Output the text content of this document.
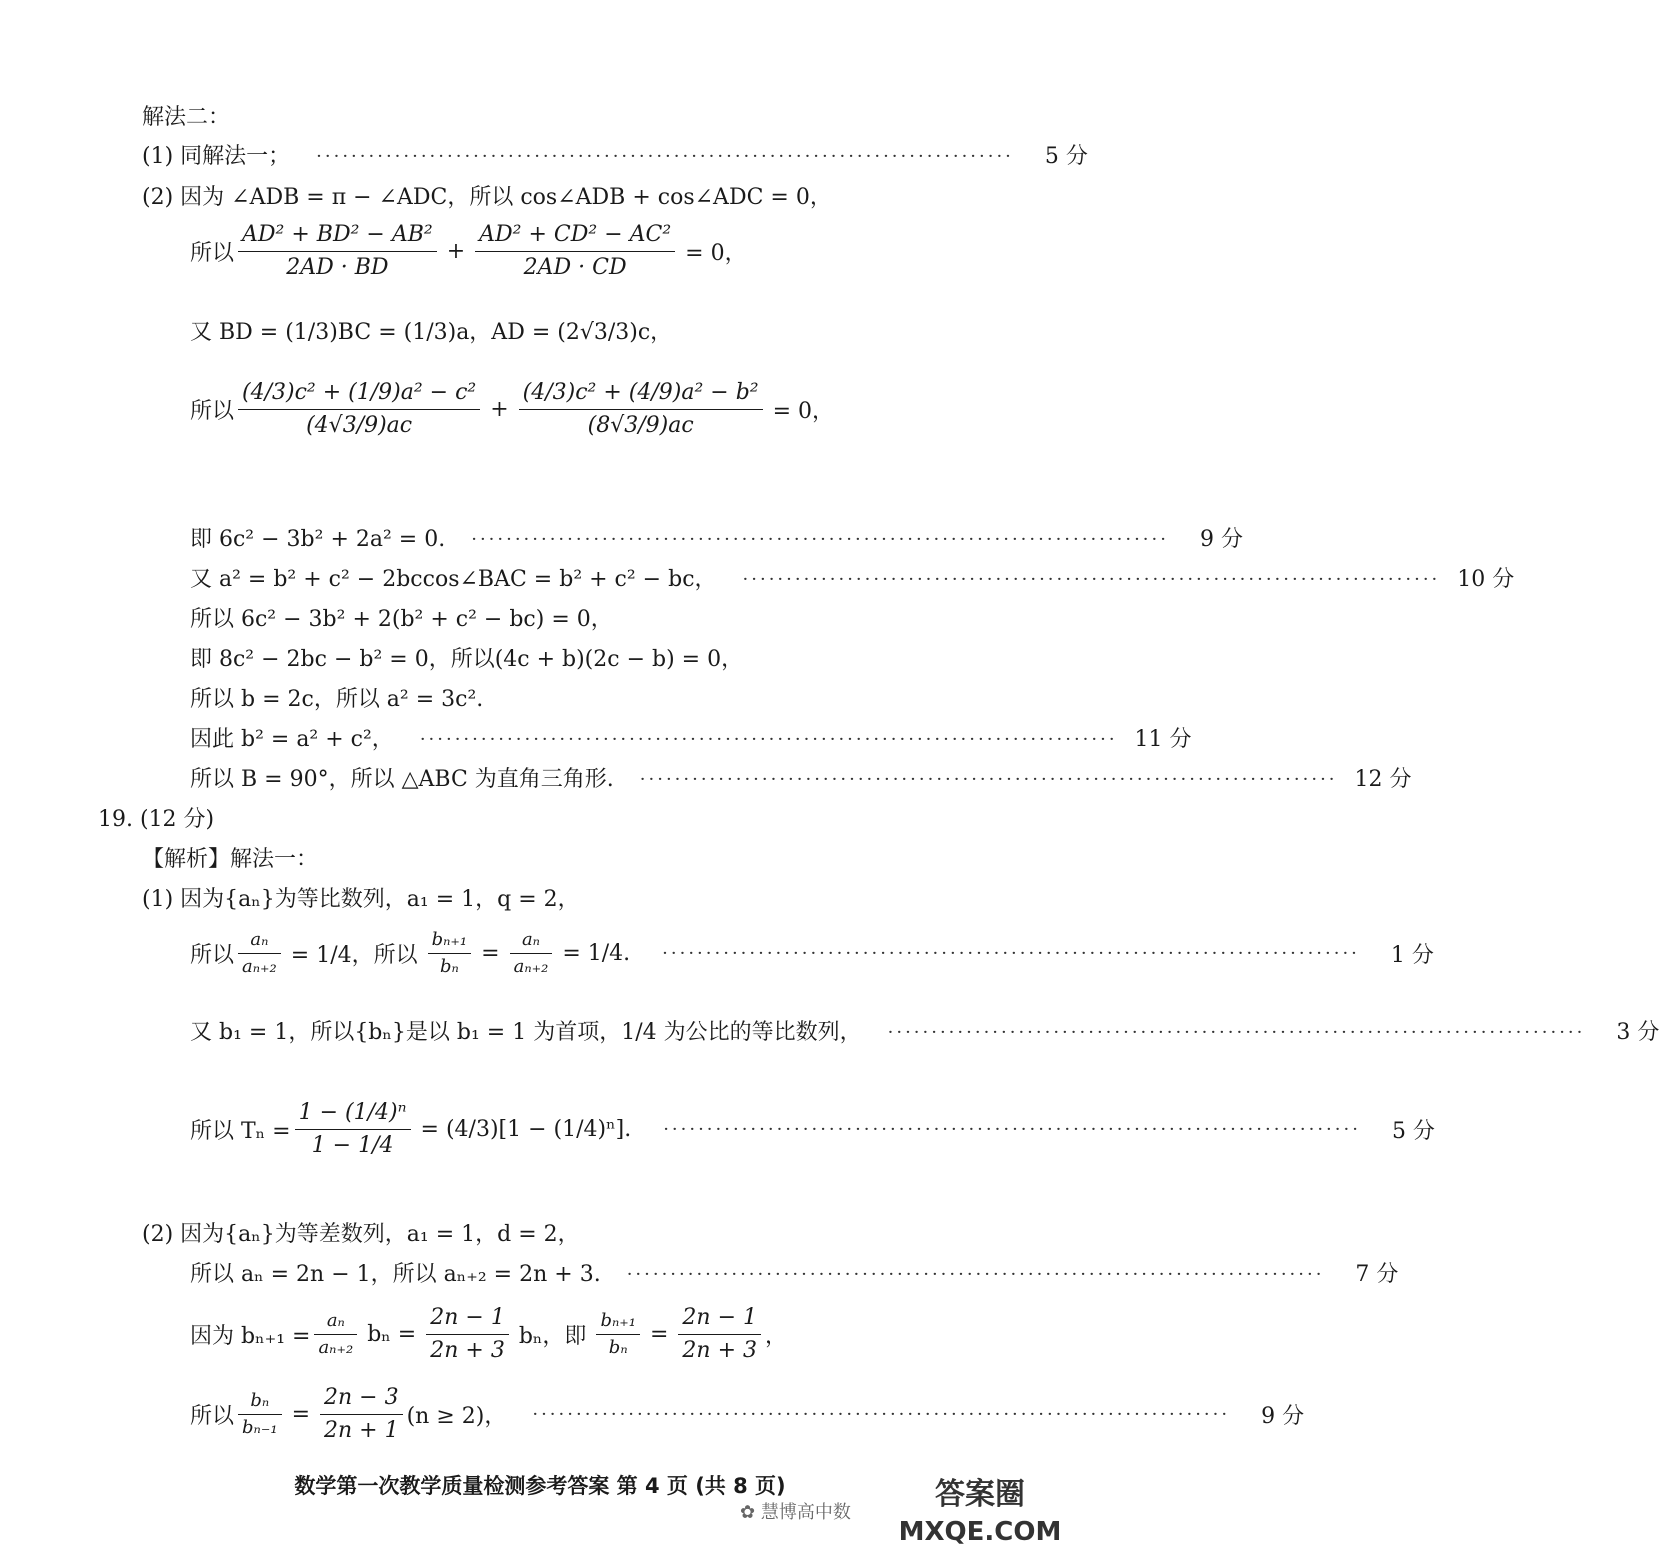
解法二：
(1) 同解法一； ················································································	5 分
(2) 因为 ∠ADB = π − ∠ADC，所以 cos∠ADB + cos∠ADC = 0，
所以 $\frac{\text{AD² + BD² − AB²}}{2AD \cdot BD} + \frac{\text{AD² + CD² − AC²}}{2AD \cdot CD} = 0$，
又 BD = (1/3)BC = (1/3)a，AD = (2√3/3)c，
所以 $\frac{\text{(4/3)c² + (1/9)a² − c²}}{(4√3/9)ac} + \frac{\text{(4/3)c² + (4/9)a² − b²}}{(8√3/9)ac} = 0$，
即 6c² − 3b² + 2a² = 0. ················································································	9 分
又 a² = b² + c² − 2bccos∠BAC = b² + c² − bc， ················································································ 10 分
所以 6c² − 3b² + 2(b² + c² − bc) = 0，
即 8c² − 2bc − b² = 0，所以(4c + b)(2c − b) = 0，
所以 b = 2c，所以 a² = 3c².
因此 b² = a² + c²， ················································································ 11 分
所以 B = 90°，所以 △ABC 为直角三角形. ················································································ 12 分
19. (12 分)
【解析】解法一：
(1) 因为{aₙ}为等比数列，a₁ = 1，q = 2，
所以 $\frac{\text{aₙ}}{\text{aₙ₊₂}} = 1/4$，所以 $\frac{\text{bₙ₊₁}}{\text{bₙ}} = \frac{\text{aₙ}}{\text{aₙ₊₂}} = 1/4$. ················································································	1 分
又 b₁ = 1，所以{bₙ}是以 b₁ = 1 为首项，1/4 为公比的等比数列， ················································································	3 分
所以 $T_n = \frac{\text{1 − (1/4)ⁿ}}{1 - 1/4} = (4/3)[1 - (1/4)^n]$. ················································································	5 分
(2) 因为{aₙ}为等差数列，a₁ = 1，d = 2，
所以 aₙ = 2n − 1，所以 aₙ₊₂ = 2n + 3. ················································································	7 分
因为 $b_{n+1} = \frac{\text{aₙ}}{\text{aₙ₊₂}}$ $b_n = \frac{2n - 1}{2n + 3}$ bₙ，即 $\frac{\text{bₙ₊₁}}{\text{bₙ}} = \frac{2n - 1}{2n + 3}$ ，
所以 $\frac{\text{bₙ}}{\text{bₙ₋₁}} = \frac{2n - 3}{2n + 1} (n \ge 2)$， ················································································	9 分
数学第一次教学质量检测参考答案 第 4 页 (共 8 页)
✿ 慧博高中数
答案圈
MXQE.COM
